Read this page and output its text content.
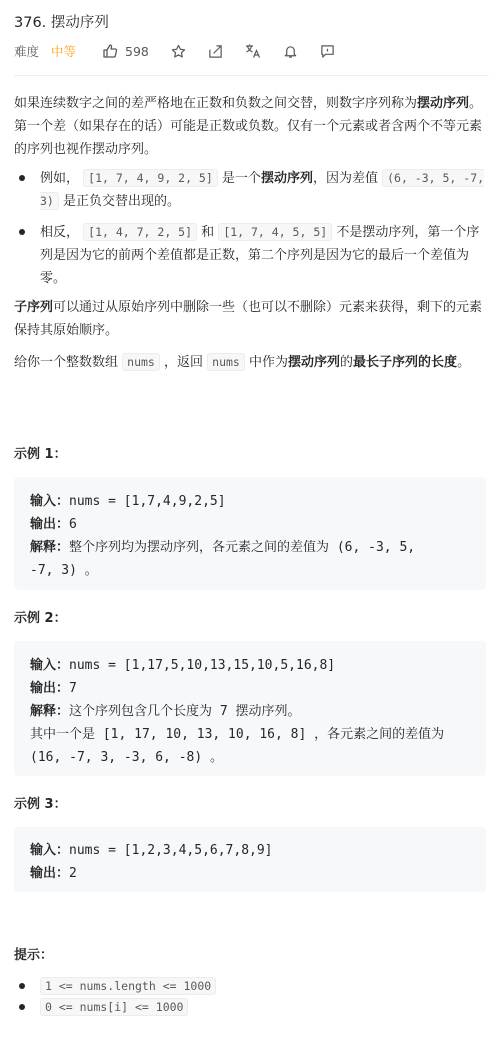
376. 摆动序列
难度 中等	598
如果连续数字之间的差严格地在正数和负数之间交替，则数字序列称为摆动序列。第一个差（如果存在的话）可能是正数或负数。仅有一个元素或者含两个不等元素的序列也视作摆动序列。
例如， [1, 7, 4, 9, 2, 5] 是一个摆动序列，因为差值 (6, -3, 5, -7, 3) 是正负交替出现的。
相反， [1, 4, 7, 2, 5] 和 [1, 7, 4, 5, 5] 不是摆动序列，第一个序列是因为它的前两个差值都是正数，第二个序列是因为它的最后一个差值为零。
子序列可以通过从原始序列中删除一些（也可以不删除）元素来获得，剩下的元素保持其原始顺序。
给你一个整数数组 nums ，返回 nums 中作为摆动序列的最长子序列的长度。
示例 1：
输入：nums = [1,7,4,9,2,5]
输出：6
解释：整个序列均为摆动序列，各元素之间的差值为 (6, -3, 5,
-7, 3) 。
示例 2：
输入：nums = [1,17,5,10,13,15,10,5,16,8]
输出：7
解释：这个序列包含几个长度为 7 摆动序列。
其中一个是 [1, 17, 10, 13, 10, 16, 8] ，各元素之间的差值为
(16, -7, 3, -3, 6, -8) 。
示例 3：
输入：nums = [1,2,3,4,5,6,7,8,9]
输出：2
提示：
1 <= nums.length <= 1000
0 <= nums[i] <= 1000
